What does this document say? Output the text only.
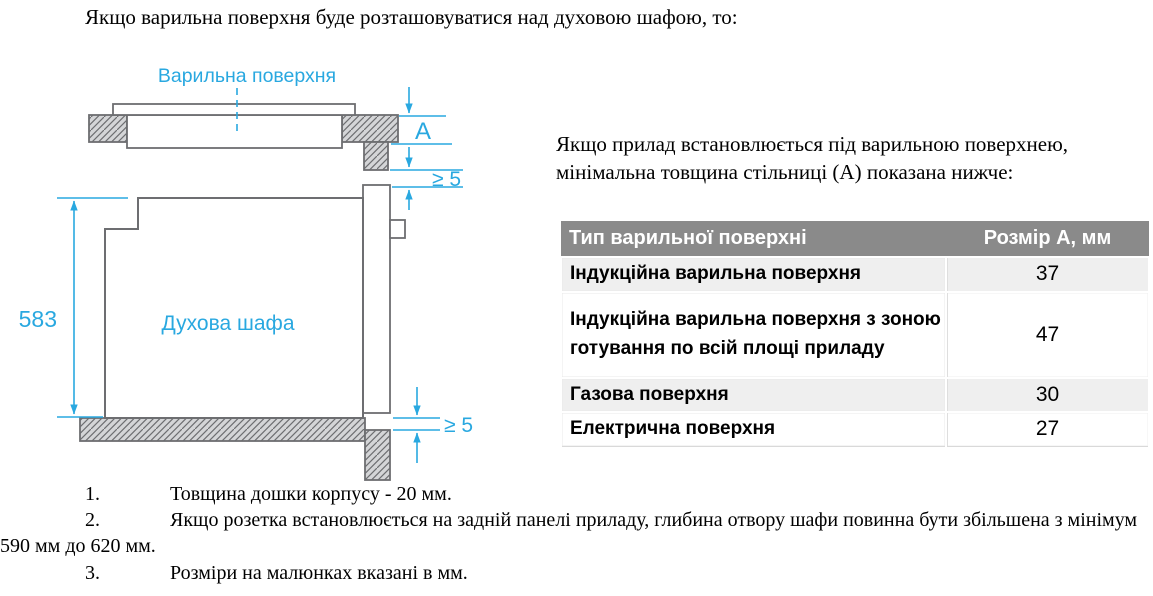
Якщо варильна поверхня буде розташовуватися над духовою шафою, то:
Варильна поверхня
A
≥ 5
583	Духова шафа
≥ 5
Якщо прилад встановлюється під варильною поверхнею,
мінімальна товщина стільниці (А) показана нижче:
Тип варильної поверхні	Розмір А, мм
Індукційна варильна поверхня	37
Індукційна варильна поверхня з зоною готування по всій площі приладу	47
Газова поверхня	30
Електрична поверхня	27

1.	Товщина дошки корпусу - 20 мм.

2.	Якщо розетка встановлюється на задній панелі приладу, глибина отвору шафи повинна бути збільшена з мінімум 590 мм до 620 мм.

3.	Розміри на малюнках вказані в мм.
